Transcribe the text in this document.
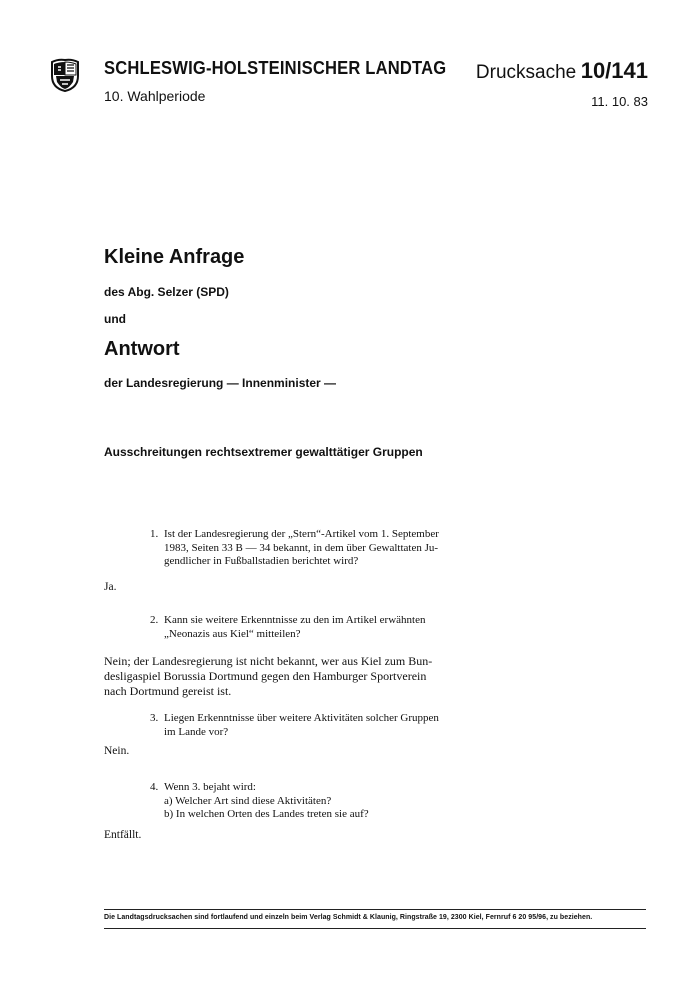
SCHLESWIG-HOLSTEINISCHER LANDTAG
10. Wahlperiode
Drucksache 10/141
11. 10. 83
Kleine Anfrage
des Abg. Selzer (SPD)
und
Antwort
der Landesregierung — Innenminister —
Ausschreitungen rechtsextremer gewalttätiger Gruppen
1. Ist der Landesregierung der „Stern“-Artikel vom 1. September
1983, Seiten 33 B — 34 bekannt, in dem über Gewalttaten Ju-
gendlicher in Fußballstadien berichtet wird?
Ja.
2. Kann sie weitere Erkenntnisse zu den im Artikel erwähnten
„Neonazis aus Kiel“ mitteilen?
Nein; der Landesregierung ist nicht bekannt, wer aus Kiel zum Bun-
desligaspiel Borussia Dortmund gegen den Hamburger Sportverein
nach Dortmund gereist ist.
3. Liegen Erkenntnisse über weitere Aktivitäten solcher Gruppen
im Lande vor?
Nein.
4. Wenn 3. bejaht wird:
a) Welcher Art sind diese Aktivitäten?
b) In welchen Orten des Landes treten sie auf?
Entfällt.
Die Landtagsdrucksachen sind fortlaufend und einzeln beim Verlag Schmidt & Klaunig, Ringstraße 19, 2300 Kiel, Fernruf 6 20 95/96, zu beziehen.
